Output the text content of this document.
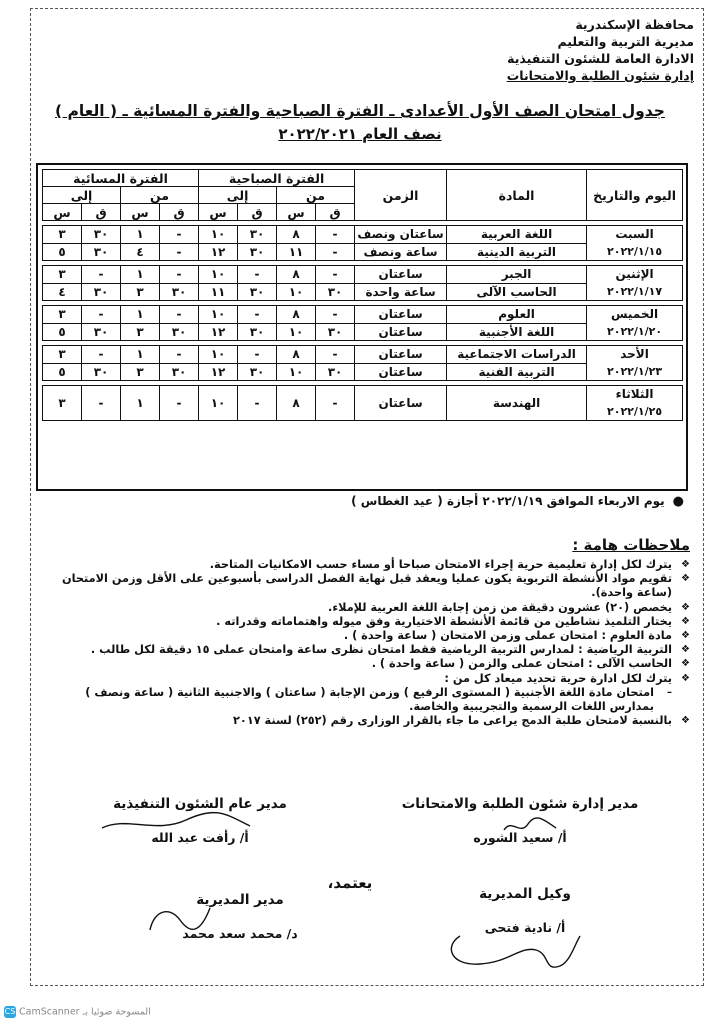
محافظة الإسكندرية
مديرية التربية والتعليم
الادارة العامة للشئون التنفيذية
إدارة شئون الطلبة والامتحانات
جدول امتحان الصف الأول الأعدادى ـ الفترة الصباحية والفترة المسائية ـ ( العام )
نصف العام ٢٠٢٢/٢٠٢١
اليوم والتاريخ	المادة	الزمن	الفترة الصباحية				الفترة المسائية			
			من		إلى		من		إلى	
			ق	س	ق	س	ق	س	ق	س

السبت
٢٠٢٢/١/١٥	اللغة العربية	ساعتان ونصف	-	٨	٣٠	١٠	-	١	٣٠	٣
	التربية الدينية	ساعة ونصف	-	١١	٣٠	١٢	-	٤	٣٠	٥

الإثنين
٢٠٢٢/١/١٧	الجبر	ساعتان	-	٨	-	١٠	-	١	-	٣
	الحاسب الآلى	ساعة واحدة	٣٠	١٠	٣٠	١١	٣٠	٣	٣٠	٤

الخميس
٢٠٢٢/١/٢٠	العلوم	ساعتان	-	٨	-	١٠	-	١	-	٣
	اللغة الأجنبية	ساعتان	٣٠	١٠	٣٠	١٢	٣٠	٣	٣٠	٥

الأحد
٢٠٢٢/١/٢٣	الدراسات الاجتماعية	ساعتان	-	٨	-	١٠	-	١	-	٣
	التربية الفنية	ساعتان	٣٠	١٠	٣٠	١٢	٣٠	٣	٣٠	٥

الثلاثاء
٢٠٢٢/١/٢٥	الهندسة	ساعتان	-	٨	-	١٠	-	١	-	٣
●يوم الاربعاء الموافق ٢٠٢٢/١/١٩ أجازة ( عيد الغطاس )
ملاحظات هامة :
❖
يترك لكل إدارة تعليمية حرية إجراء الامتحان صباحا أو مساء حسب الامكانيات المتاحة.
❖
تقويم مواد الأنشطة التربوية يكون عمليا ويعقد قبل نهاية الفصل الدراسى بأسبوعين على الأقل وزمن الامتحان (ساعة واحدة).
❖
يخصص (٢٠) عشرون دقيقة من زمن إجابة اللغة العربية للإملاء.
❖
يختار التلميذ نشاطين من قائمة الأنشطة الاختيارية وفق ميوله واهتماماته وقدراته .
❖
مادة العلوم : امتحان عملى وزمن الامتحان ( ساعة واحدة ) .
❖
التربية الرياضية : لمدارس التربية الرياضية فقط امتحان نظرى ساعة وامتحان عملى ١٥ دقيقة لكل طالب .
❖
الحاسب الآلى : امتحان عملى والزمن ( ساعة واحدة ) .
❖
يترك لكل ادارة حرية تحديد ميعاد كل من :
–
امتحان مادة اللغة الأجنبية ( المستوى الرفيع ) وزمن الإجابة ( ساعتان ) والاجنبية الثانية ( ساعة ونصف ) بمدارس اللغات الرسمية والتجريبية والخاصة.
❖
بالنسبة لامتحان طلبة الدمج يراعى ما جاء بالقرار الوزارى رقم (٢٥٢) لسنة ٢٠١٧
مدير إدارة شئون الطلبة والامتحانات
أ/ سعيد الشوره
مدير عام الشئون التنفيذية
أ/ رأفت عبد الله
يعتمد،
وكيل المديرية
أ/ نادية فتحى
مدير المديرية
د/ محمد سعد محمد
CS CamScanner المسوحة ضوئيا بـ
